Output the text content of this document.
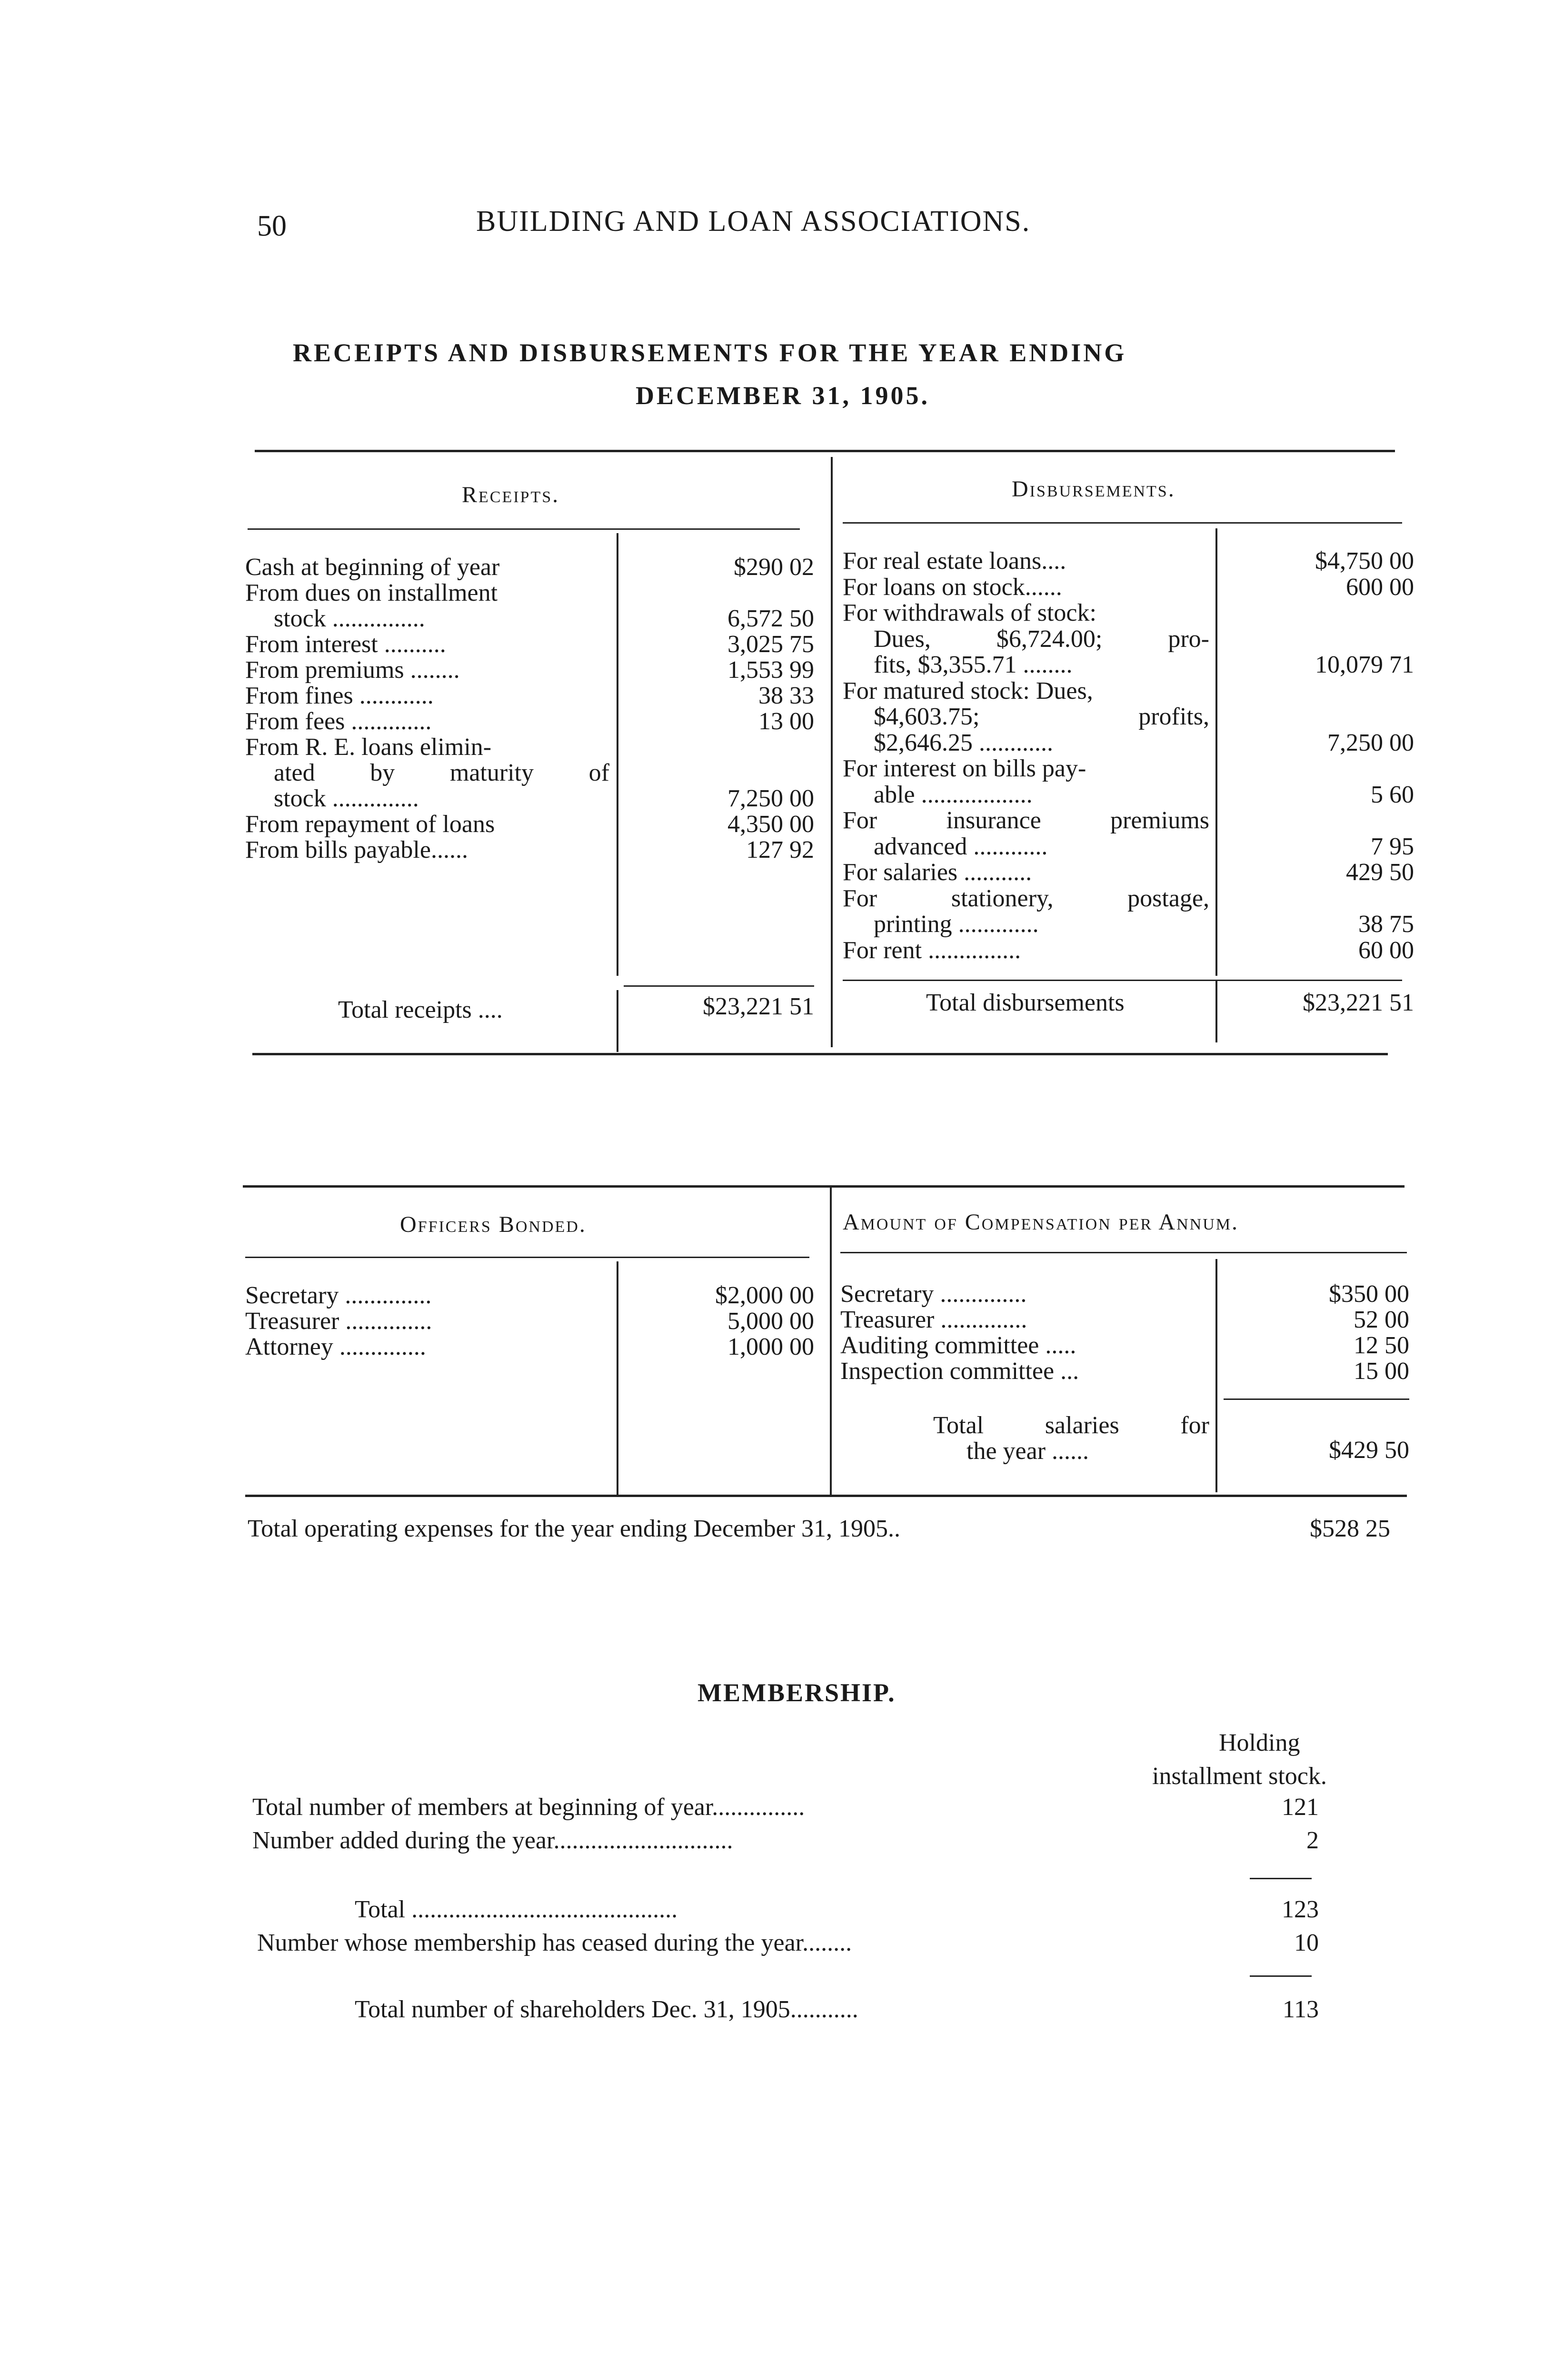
50	BUILDING AND LOAN ASSOCIATIONS.
RECEIPTS AND DISBURSEMENTS FOR THE YEAR ENDING
DECEMBER 31, 1905.
Receipts.	Disbursements.
Cash at beginning of year	$290 02
From dues on installment
stock ...............	6,572 50
From interest ..........	3,025 75
From premiums ........	1,553 99
From fines ............	38 33
From fees .............	13 00
From R. E. loans elimin-
ated by maturity of
stock ..............	7,250 00
From repayment of loans	4,350 00
From bills payable......	127 92
Total receipts ....	$23,221 51
For real estate loans....	$4,750 00
For loans on stock......	600 00
For withdrawals of stock:
Dues, $6,724.00; pro-
fits, $3,355.71 ........	10,079 71
For matured stock: Dues,
$4,603.75; profits,
$2,646.25 ............	7,250 00
For interest on bills pay-
able ..................	5 60
For insurance premiums
advanced ............	7 95
For salaries ...........	429 50
For stationery, postage,
printing .............	38 75
For rent ...............	60 00
Total disbursements	$23,221 51
Officers Bonded.	Amount of Compensation per Annum.
Secretary ..............	$2,000 00
Treasurer ..............	5,000 00
Attorney ..............	1,000 00
Secretary ..............	$350 00
Treasurer ..............	52 00
Auditing committee .....	12 50
Inspection committee ...	15 00
Total salaries for
the year ......	$429 50
Total operating expenses for the year ending December 31, 1905..	$528 25
MEMBERSHIP.
Holding
installment stock.
Total number of members at beginning of year...............	121
Number added during the year.............................	2
Total ...........................................	123
Number whose membership has ceased during the year........	10
Total number of shareholders Dec. 31, 1905...........	113
